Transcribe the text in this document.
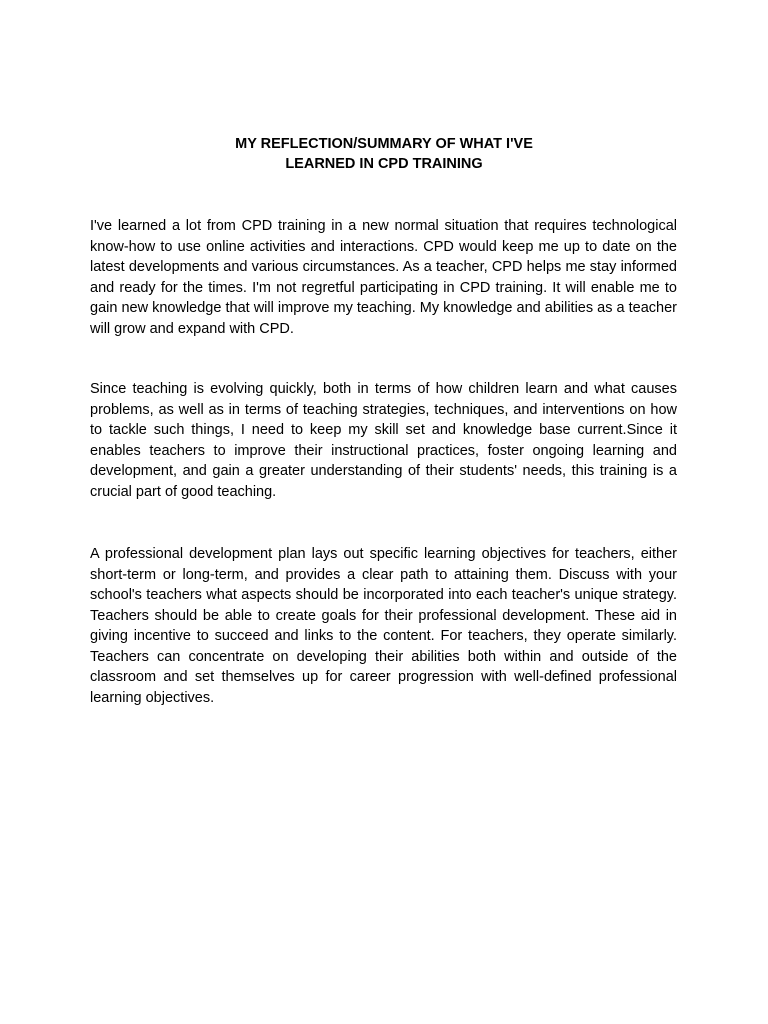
MY REFLECTION/SUMMARY OF WHAT I'VE
LEARNED IN CPD TRAINING

I've learned a lot from CPD training in a new normal situation that requires technological know-how to use online activities and interactions. CPD would keep me up to date on the latest developments and various circumstances. As a teacher, CPD helps me stay informed and ready for the times. I'm not regretful participating in CPD training. It will enable me to gain new knowledge that will improve my teaching. My knowledge and abilities as a teacher will grow and expand with CPD.

Since teaching is evolving quickly, both in terms of how children learn and what causes problems, as well as in terms of teaching strategies, techniques, and interventions on how to tackle such things, I need to keep my skill set and knowledge base current.Since it enables teachers to improve their instructional practices, foster ongoing learning and development, and gain a greater understanding of their students' needs, this training is a crucial part of good teaching.

A professional development plan lays out specific learning objectives for teachers, either short-term or long-term, and provides a clear path to attaining them. Discuss with your school's teachers what aspects should be incorporated into each teacher's unique strategy. Teachers should be able to create goals for their professional development. These aid in giving incentive to succeed and links to the content. For teachers, they operate similarly. Teachers can concentrate on developing their abilities both within and outside of the classroom and set themselves up for career progression with well-defined professional learning objectives.
